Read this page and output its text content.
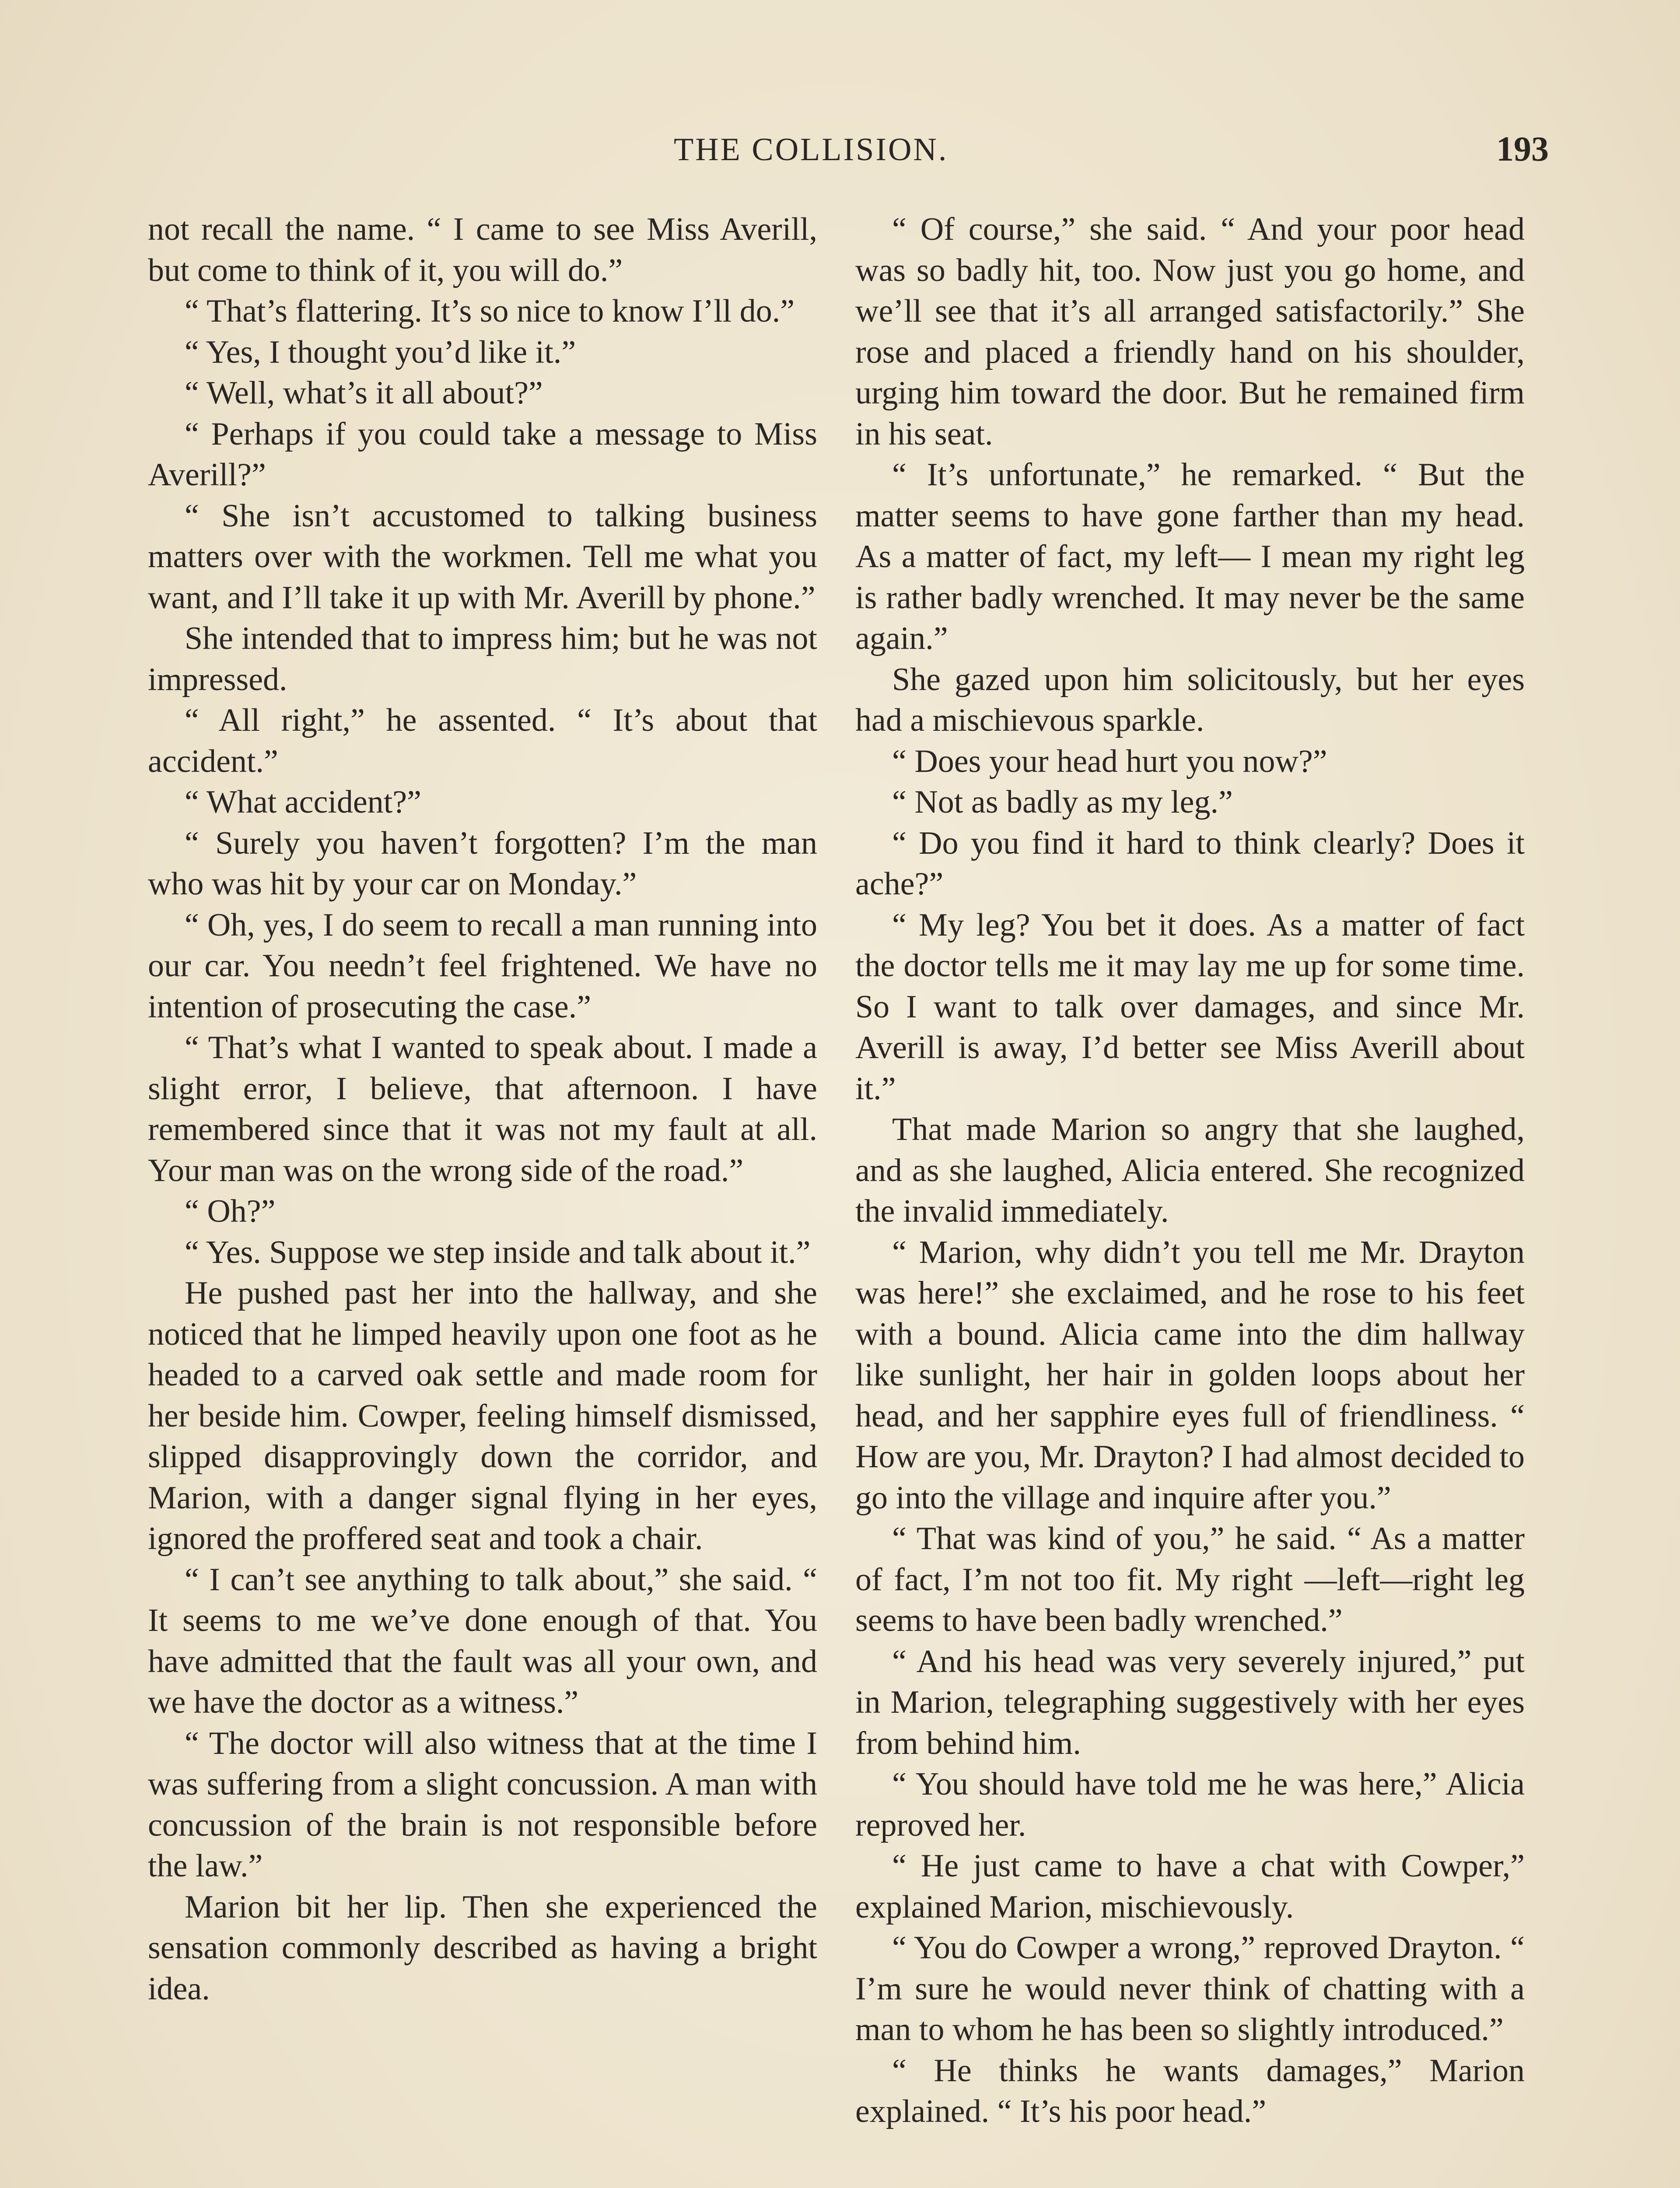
THE COLLISION.	193

not recall the name. “ I came to see Miss Averill, but come to think of it, you will do.”

“ That’s flattering. It’s so nice to know I’ll do.”

“ Yes, I thought you’d like it.”

“ Well, what’s it all about?”

“ Perhaps if you could take a message to Miss Averill?”

“ She isn’t accustomed to talking business matters over with the workmen. Tell me what you want, and I’ll take it up with Mr. Averill by phone.”

She intended that to impress him; but he was not impressed.

“ All right,” he assented. “ It’s about that accident.”

“ What accident?”

“ Surely you haven’t forgotten? I’m the man who was hit by your car on Monday.”

“ Oh, yes, I do seem to recall a man running into our car. You needn’t feel frightened. We have no intention of prosecuting the case.”

“ That’s what I wanted to speak about. I made a slight error, I believe, that afternoon. I have remembered since that it was not my fault at all. Your man was on the wrong side of the road.”

“ Oh?”

“ Yes. Suppose we step inside and talk about it.”

He pushed past her into the hallway, and she noticed that he limped heavily upon one foot as he headed to a carved oak settle and made room for her beside him. Cowper, feeling himself dismissed, slipped disapprovingly down the corridor, and Marion, with a danger signal flying in her eyes, ignored the proffered seat and took a chair.

“ I can’t see anything to talk about,” she said. “ It seems to me we’ve done enough of that. You have admitted that the fault was all your own, and we have the doctor as a witness.”

“ The doctor will also witness that at the time I was suffering from a slight concussion. A man with concussion of the brain is not responsible before the law.”

Marion bit her lip. Then she experienced the sensation commonly described as having a bright idea.

“ Of course,” she said. “ And your poor head was so badly hit, too. Now just you go home, and we’ll see that it’s all arranged satisfactorily.” She rose and placed a friendly hand on his shoulder, urging him toward the door. But he remained firm in his seat.

“ It’s unfortunate,” he remarked. “ But the matter seems to have gone farther than my head. As a matter of fact, my left— I mean my right leg is rather badly wrenched. It may never be the same again.”

She gazed upon him solicitously, but her eyes had a mischievous sparkle.

“ Does your head hurt you now?”

“ Not as badly as my leg.”

“ Do you find it hard to think clearly? Does it ache?”

“ My leg? You bet it does. As a matter of fact the doctor tells me it may lay me up for some time. So I want to talk over damages, and since Mr. Averill is away, I’d better see Miss Averill about it.”

That made Marion so angry that she laughed, and as she laughed, Alicia entered. She recognized the invalid immediately.

“ Marion, why didn’t you tell me Mr. Drayton was here!” she exclaimed, and he rose to his feet with a bound. Alicia came into the dim hallway like sunlight, her hair in golden loops about her head, and her sapphire eyes full of friendliness. “ How are you, Mr. Drayton? I had almost decided to go into the village and inquire after you.”

“ That was kind of you,” he said. “ As a matter of fact, I’m not too fit. My right —left—right leg seems to have been badly wrenched.”

“ And his head was very severely injured,” put in Marion, telegraphing suggestively with her eyes from behind him.

“ You should have told me he was here,” Alicia reproved her.

“ He just came to have a chat with Cowper,” explained Marion, mischievously.

“ You do Cowper a wrong,” reproved Drayton. “ I’m sure he would never think of chatting with a man to whom he has been so slightly introduced.”

“ He thinks he wants damages,” Marion explained. “ It’s his poor head.”
